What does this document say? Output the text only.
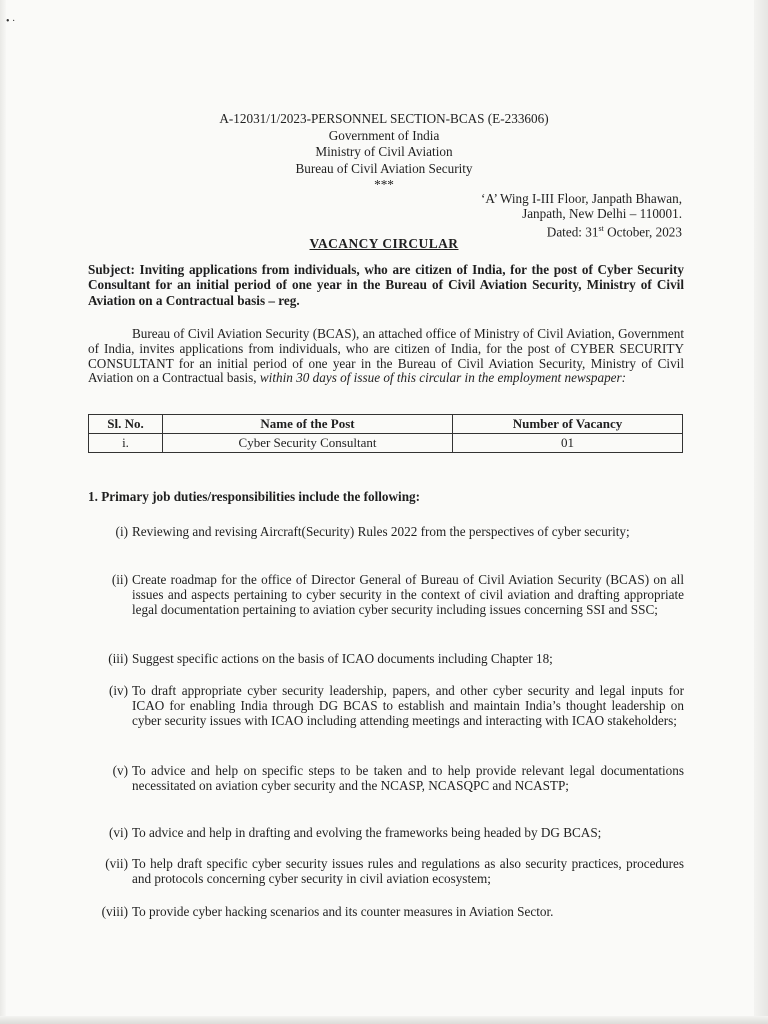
• ·
A-12031/1/2023-PERSONNEL SECTION-BCAS (E-233606)
Government of India
Ministry of Civil Aviation
Bureau of Civil Aviation Security
***
‘A’ Wing I-III Floor, Janpath Bhawan,
Janpath, New Delhi – 110001.
Dated: 31st October, 2023
VACANCY CIRCULAR
Subject: Inviting applications from individuals, who are citizen of India, for the post of Cyber Security Consultant for an initial period of one year in the Bureau of Civil Aviation Security, Ministry of Civil Aviation on a Contractual basis – reg.
Bureau of Civil Aviation Security (BCAS), an attached office of Ministry of Civil Aviation, Government of India, invites applications from individuals, who are citizen of India, for the post of CYBER SECURITY CONSULTANT for an initial period of one year in the Bureau of Civil Aviation Security, Ministry of Civil Aviation on a Contractual basis, within 30 days of issue of this circular in the employment newspaper:
Sl. No.	Name of the Post	Number of Vacancy
i.	Cyber Security Consultant	01
1. Primary job duties/responsibilities include the following:
(i) Reviewing and revising Aircraft(Security) Rules 2022 from the perspectives of cyber security;
(ii) Create roadmap for the office of Director General of Bureau of Civil Aviation Security (BCAS) on all issues and aspects pertaining to cyber security in the context of civil aviation and drafting appropriate legal documentation pertaining to aviation cyber security including issues concerning SSI and SSC;
(iii) Suggest specific actions on the basis of ICAO documents including Chapter 18;
(iv) To draft appropriate cyber security leadership, papers, and other cyber security and legal inputs for ICAO for enabling India through DG BCAS to establish and maintain India’s thought leadership on cyber security issues with ICAO including attending meetings and interacting with ICAO stakeholders;
(v) To advice and help on specific steps to be taken and to help provide relevant legal documentations necessitated on aviation cyber security and the NCASP, NCASQPC and NCASTP;
(vi) To advice and help in drafting and evolving the frameworks being headed by DG BCAS;
(vii) To help draft specific cyber security issues rules and regulations as also security practices, procedures and protocols concerning cyber security in civil aviation ecosystem;
(viii) To provide cyber hacking scenarios and its counter measures in Aviation Sector.
